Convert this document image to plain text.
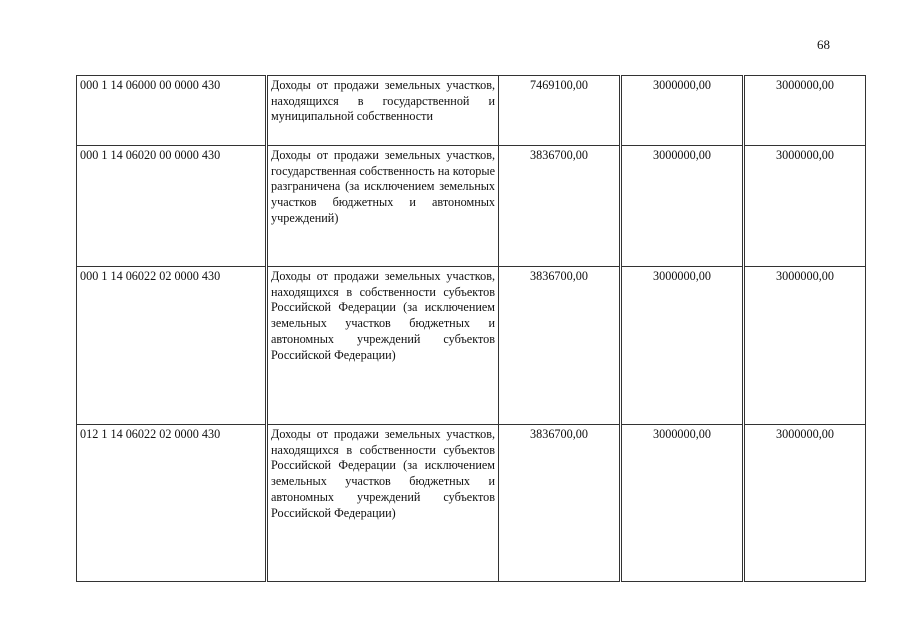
68
000 1 14 06000 00 0000 430	Доходы от продажи земельных участков, находящихся в государственной и муниципальной собственности	7469100,00	3000000,00	3000000,00
000 1 14 06020 00 0000 430	Доходы от продажи земельных участков, государственная собственность на которые разграничена (за исключением земельных участков бюджетных и автономных учреждений)	3836700,00	3000000,00	3000000,00
000 1 14 06022 02 0000 430	Доходы от продажи земельных участков, находящихся в собственности субъектов Российской Федерации (за исключением земельных участков бюджетных и автономных учреждений субъектов Российской Федерации)	3836700,00	3000000,00	3000000,00
012 1 14 06022 02 0000 430	Доходы от продажи земельных участков, находящихся в собственности субъектов Российской Федерации (за исключением земельных участков бюджетных и автономных учреждений субъектов Российской Федерации)	3836700,00	3000000,00	3000000,00
